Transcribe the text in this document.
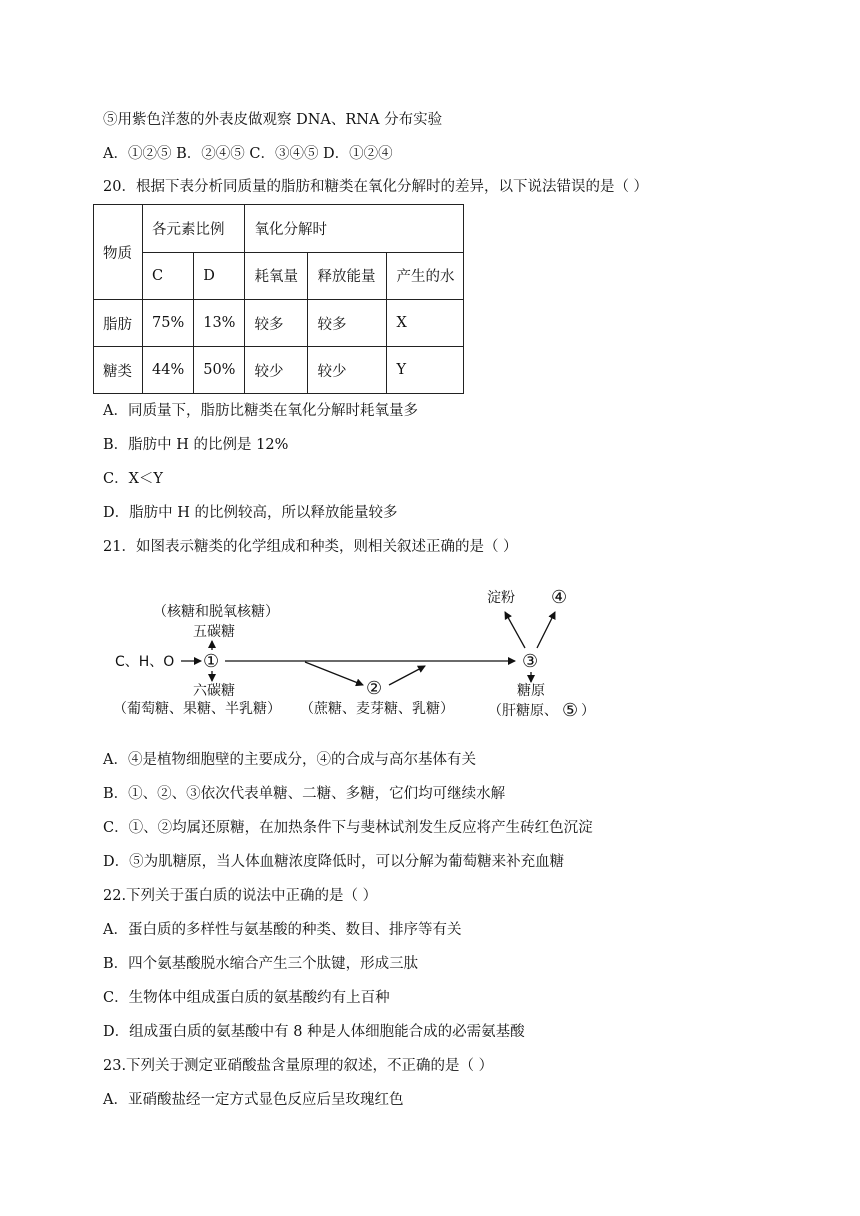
⑤用紫色洋葱的外表皮做观察 DNA、RNA 分布实验
A．①②⑤ B．②④⑤ C．③④⑤ D．①②④
20．根据下表分析同质量的脂肪和糖类在氧化分解时的差异，以下说法错误的是（ ）
物质	各元素比例		氧化分解时		
	C	D	耗氧量	释放能量	产生的水
脂肪	75%	13%	较多	较多	X
糖类	44%	50%	较少	较少	Y
A．同质量下，脂肪比糖类在氧化分解时耗氧量多
B．脂肪中 H 的比例是 12%
C．X＜Y
D．脂肪中 H 的比例较高，所以释放能量较多
21．如图表示糖类的化学组成和种类，则相关叙述正确的是（ ）
C、H、O ①
五碳糖
（核糖和脱氧核糖）
六碳糖
（葡萄糖、果糖、半乳糖）
②
（蔗糖、麦芽糖、乳糖）
③
淀粉 ④
糖原
（肝糖原、 ⑤ ）
A．④是植物细胞壁的主要成分，④的合成与高尔基体有关
B．①、②、③依次代表单糖、二糖、多糖，它们均可继续水解
C．①、②均属还原糖，在加热条件下与斐林试剂发生反应将产生砖红色沉淀
D．⑤为肌糖原，当人体血糖浓度降低时，可以分解为葡萄糖来补充血糖
22.下列关于蛋白质的说法中正确的是（ ）
A．蛋白质的多样性与氨基酸的种类、数目、排序等有关
B．四个氨基酸脱水缩合产生三个肽键，形成三肽
C．生物体中组成蛋白质的氨基酸约有上百种
D．组成蛋白质的氨基酸中有 8 种是人体细胞能合成的必需氨基酸
23.下列关于测定亚硝酸盐含量原理的叙述，不正确的是（ ）
A．亚硝酸盐经一定方式显色反应后呈玫瑰红色
